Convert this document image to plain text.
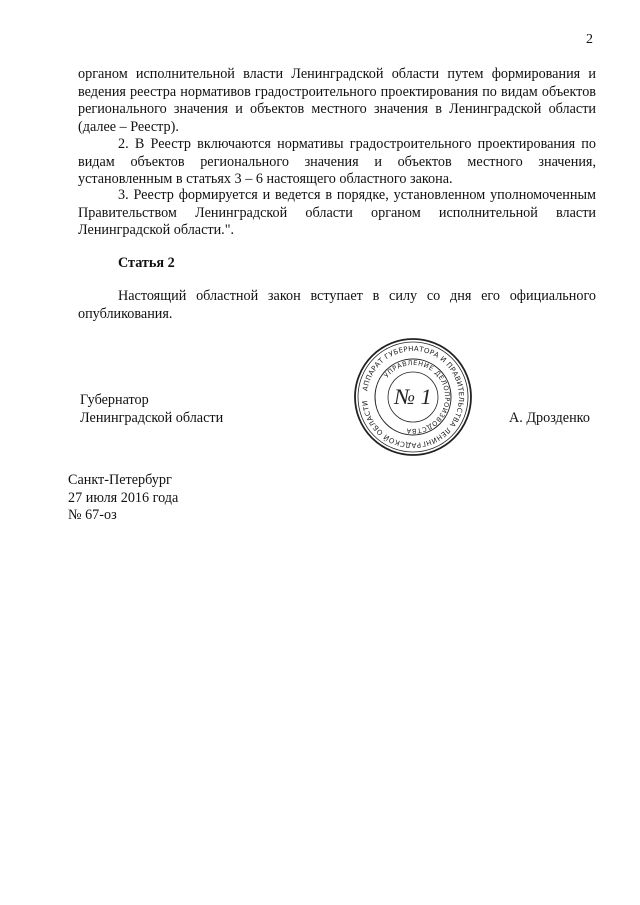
2

органом исполнительной власти Ленинградской области путем формирования и ведения реестра нормативов градостроительного проектирования по видам объектов регионального значения и объектов местного значения в Ленинградской области (далее – Реестр).

2. В Реестр включаются нормативы градостроительного проектирования по видам объектов регионального значения и объектов местного значения, установленным в статьях 3 – 6 настоящего областного закона.

3. Реестр формируется и ведется в порядке, установленном уполномоченным Правительством Ленинградской области органом исполнительной власти Ленинградской области.".

Статья 2

Настоящий областной закон вступает в силу со дня его официального опубликования.

Губернатор
Ленинградской области
АППАРАТ ГУБЕРНАТОРА И ПРАВИТЕЛЬСТВА ЛЕНИНГРАДСКОЙ ОБЛАСТИ
УПРАВЛЕНИЕ ДЕЛОПРОИЗВОДСТВА
№ 1
А. Дрозденко
Санкт-Петербург
27 июля 2016 года
№ 67-оз
